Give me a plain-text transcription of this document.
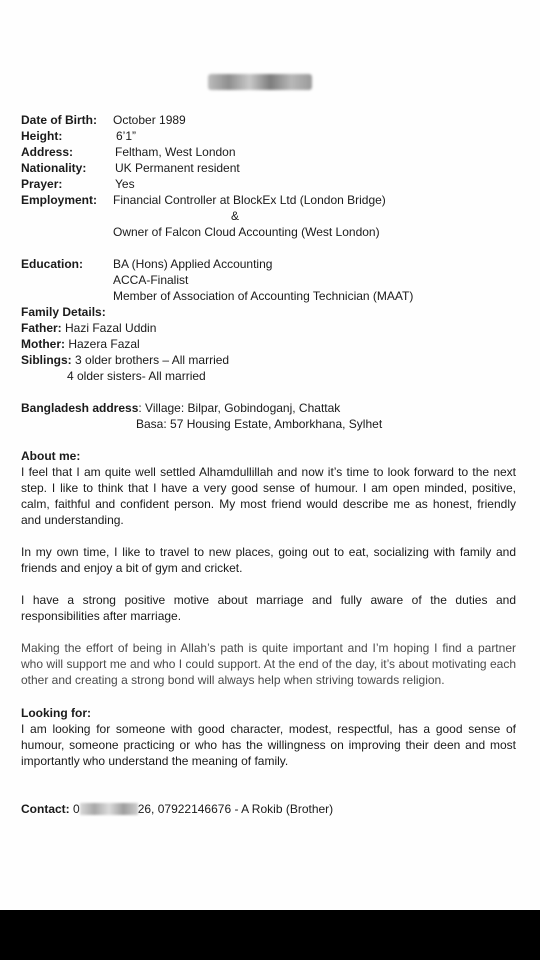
Date of Birth: October 1989
Height:	6’1”
Address:	Feltham, West London
Nationality: UK Permanent resident
Prayer:	Yes
Employment: Financial Controller at BlockEx Ltd (London Bridge)
&
Owner of Falcon Cloud Accounting (West London)
Education:	BA (Hons) Applied Accounting
ACCA-Finalist
Member of Association of Accounting Technician (MAAT)
Family Details:
Father: Hazi Fazal Uddin
Mother: Hazera Fazal
Siblings: 3 older brothers – All married
4 older sisters- All married
Bangladesh address: Village: Bilpar, Gobindoganj, Chattak
Basa: 57 Housing Estate, Amborkhana, Sylhet
About me:
I feel that I am quite well settled Alhamdullillah and now it’s time to look forward to the next step. I like to think that I have a very good sense of humour. I am open minded, positive, calm, faithful and confident person. My most friend would describe me as honest, friendly and understanding.
In my own time, I like to travel to new places, going out to eat, socializing with family and friends and enjoy a bit of gym and cricket.
I have a strong positive motive about marriage and fully aware of the duties and responsibilities after marriage.
Making the effort of being in Allah’s path is quite important and I’m hoping I find a partner who will support me and who I could support. At the end of the day, it’s about motivating each other and creating a strong bond will always help when striving towards religion.
Looking for:
I am looking for someone with good character, modest, respectful, has a good sense of humour, someone practicing or who has the willingness on improving their deen and most importantly who understand the meaning of family.
Contact: 0	26, 07922146676 - A Rokib (Brother)
